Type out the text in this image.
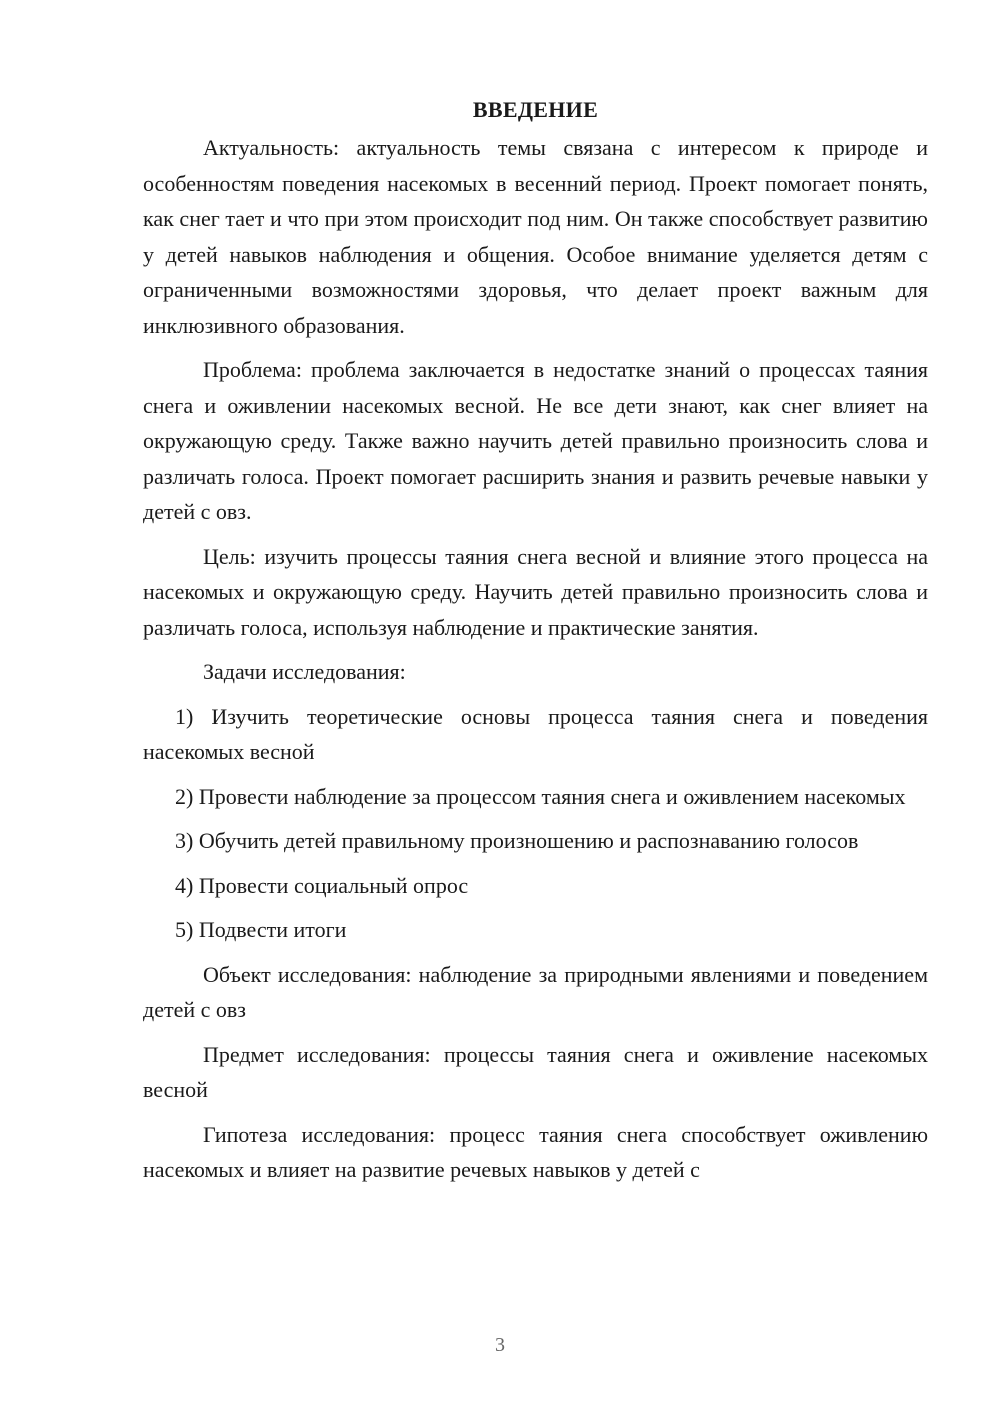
ВВЕДЕНИЕ

Актуальность: актуальность темы связана с интересом к природе и особенностям поведения насекомых в весенний период. Проект помогает понять, как снег тает и что при этом происходит под ним. Он также способствует развитию у детей навыков наблюдения и общения. Особое внимание уделяется детям с ограниченными возможностями здоровья, что делает проект важным для инклюзивного образования.

Проблема: проблема заключается в недостатке знаний о процессах таяния снега и оживлении насекомых весной. Не все дети знают, как снег влияет на окружающую среду. Также важно научить детей правильно произносить слова и различать голоса. Проект помогает расширить знания и развить речевые навыки у детей с овз.

Цель: изучить процессы таяния снега весной и влияние этого процесса на насекомых и окружающую среду. Научить детей правильно произносить слова и различать голоса, используя наблюдение и практические занятия.

Задачи исследования:

1) Изучить теоретические основы процесса таяния снега и поведения насекомых весной

2) Провести наблюдение за процессом таяния снега и оживлением насекомых

3) Обучить детей правильному произношению и распознаванию голосов

4) Провести социальный опрос

5) Подвести итоги

Объект исследования: наблюдение за природными явлениями и поведением детей с овз

Предмет исследования: процессы таяния снега и оживление насекомых весной

Гипотеза исследования: процесс таяния снега способствует оживлению насекомых и влияет на развитие речевых навыков у детей с

3
